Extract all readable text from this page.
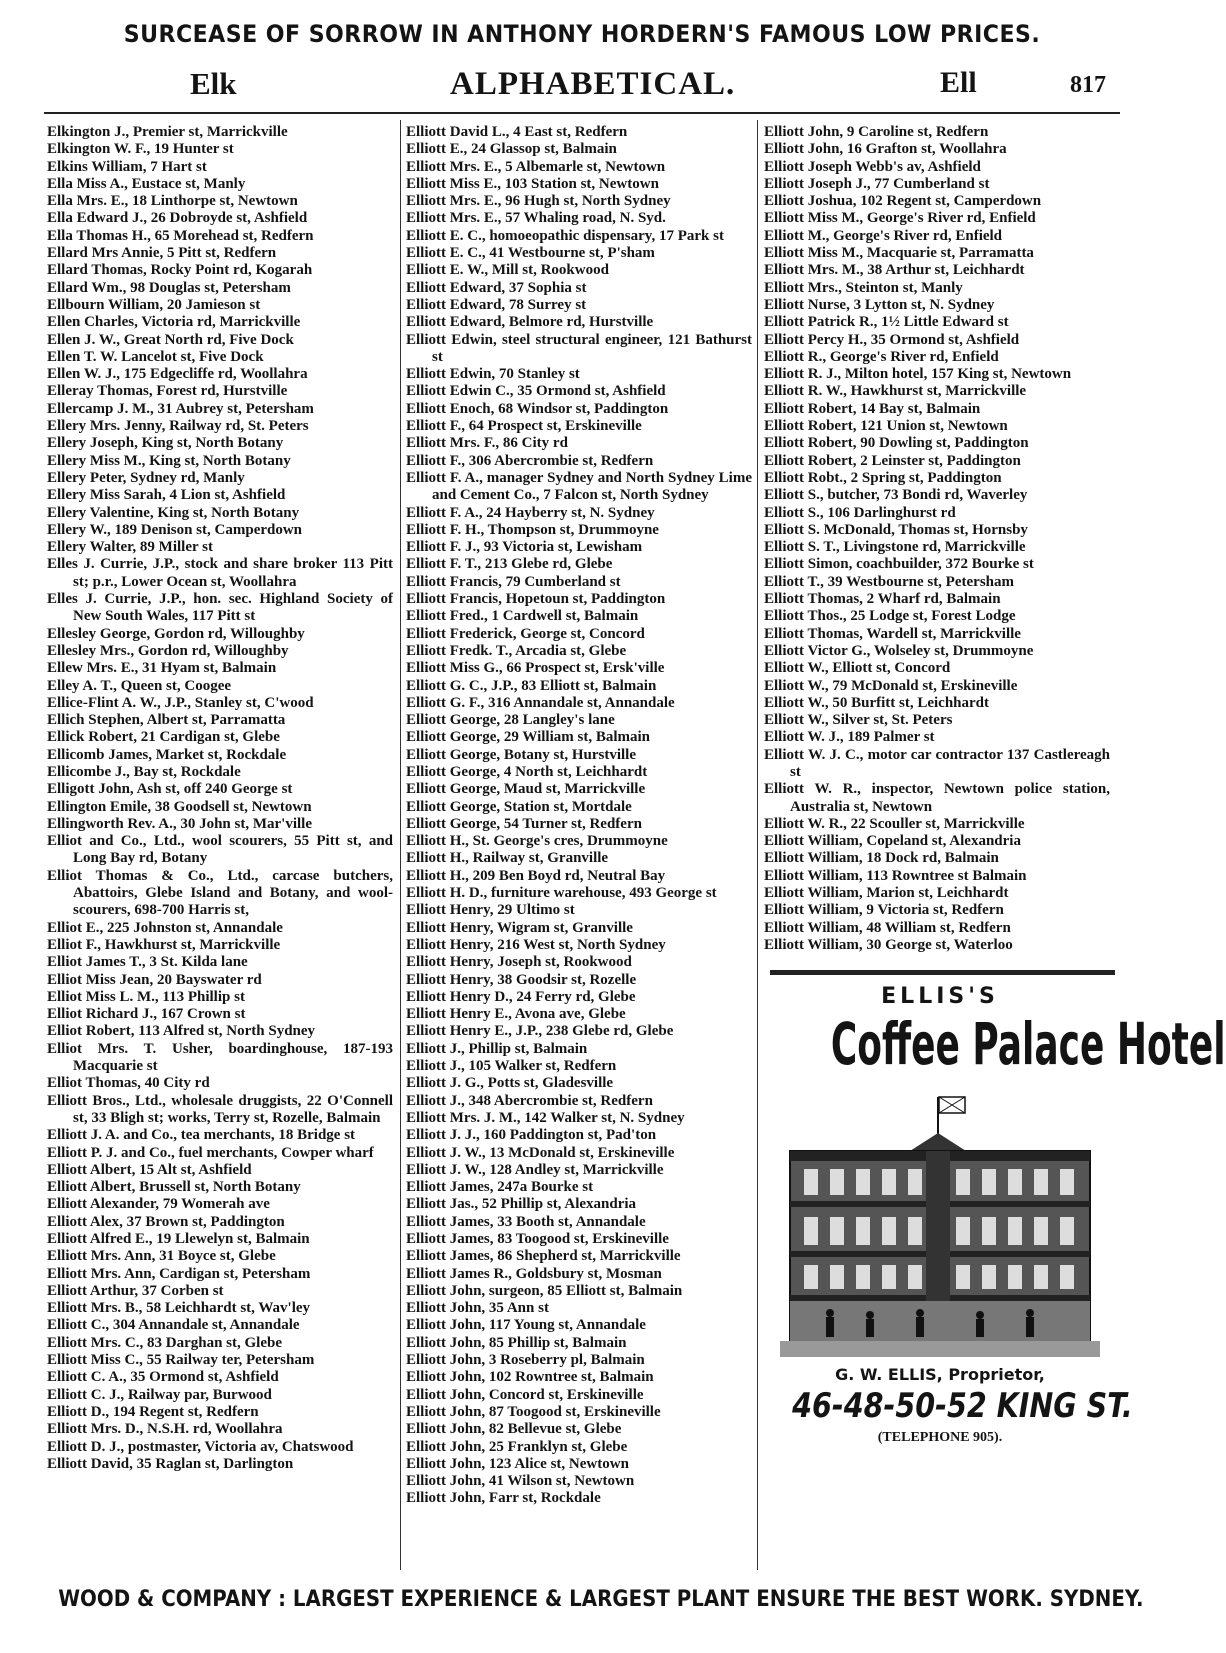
SURCEASE OF SORROW IN ANTHONY HORDERN'S FAMOUS LOW PRICES.
Elk	ALPHABETICAL.	Ell	817
Elkington J., Premier st, Marrickville
Elkington W. F., 19 Hunter st
Elkins William, 7 Hart st
Ella Miss A., Eustace st, Manly
Ella Mrs. E., 18 Linthorpe st, Newtown
Ella Edward J., 26 Dobroyde st, Ashfield
Ella Thomas H., 65 Morehead st, Redfern
Ellard Mrs Annie, 5 Pitt st, Redfern
Ellard Thomas, Rocky Point rd, Kogarah
Ellard Wm., 98 Douglas st, Petersham
Ellbourn William, 20 Jamieson st
Ellen Charles, Victoria rd, Marrickville
Ellen J. W., Great North rd, Five Dock
Ellen T. W. Lancelot st, Five Dock
Ellen W. J., 175 Edgecliffe rd, Woollahra
Elleray Thomas, Forest rd, Hurstville
Ellercamp J. M., 31 Aubrey st, Petersham
Ellery Mrs. Jenny, Railway rd, St. Peters
Ellery Joseph, King st, North Botany
Ellery Miss M., King st, North Botany
Ellery Peter, Sydney rd, Manly
Ellery Miss Sarah, 4 Lion st, Ashfield
Ellery Valentine, King st, North Botany
Ellery W., 189 Denison st, Camperdown
Ellery Walter, 89 Miller st
Elles J. Currie, J.P., stock and share broker 113 Pitt st; p.r., Lower Ocean st, Woollahra
Elles J. Currie, J.P., hon. sec. Highland Society of New South Wales, 117 Pitt st
Ellesley George, Gordon rd, Willoughby
Ellesley Mrs., Gordon rd, Willoughby
Ellew Mrs. E., 31 Hyam st, Balmain
Elley A. T., Queen st, Coogee
Ellice-Flint A. W., J.P., Stanley st, C'wood
Ellich Stephen, Albert st, Parramatta
Ellick Robert, 21 Cardigan st, Glebe
Ellicomb James, Market st, Rockdale
Ellicombe J., Bay st, Rockdale
Elligott John, Ash st, off 240 George st
Ellington Emile, 38 Goodsell st, Newtown
Ellingworth Rev. A., 30 John st, Mar'ville
Elliot and Co., Ltd., wool scourers, 55 Pitt st, and Long Bay rd, Botany
Elliot Thomas & Co., Ltd., carcase butchers, Abattoirs, Glebe Island and Botany, and wool-scourers, 698-700 Harris st,
Elliot E., 225 Johnston st, Annandale
Elliot F., Hawkhurst st, Marrickville
Elliot James T., 3 St. Kilda lane
Elliot Miss Jean, 20 Bayswater rd
Elliot Miss L. M., 113 Phillip st
Elliot Richard J., 167 Crown st
Elliot Robert, 113 Alfred st, North Sydney
Elliot Mrs. T. Usher, boardinghouse, 187-193 Macquarie st
Elliot Thomas, 40 City rd
Elliott Bros., Ltd., wholesale druggists, 22 O'Connell st, 33 Bligh st; works, Terry st, Rozelle, Balmain
Elliott J. A. and Co., tea merchants, 18 Bridge st
Elliott P. J. and Co., fuel merchants, Cowper wharf
Elliott Albert, 15 Alt st, Ashfield
Elliott Albert, Brussell st, North Botany
Elliott Alexander, 79 Womerah ave
Elliott Alex, 37 Brown st, Paddington
Elliott Alfred E., 19 Llewelyn st, Balmain
Elliott Mrs. Ann, 31 Boyce st, Glebe
Elliott Mrs. Ann, Cardigan st, Petersham
Elliott Arthur, 37 Corben st
Elliott Mrs. B., 58 Leichhardt st, Wav'ley
Elliott C., 304 Annandale st, Annandale
Elliott Mrs. C., 83 Darghan st, Glebe
Elliott Miss C., 55 Railway ter, Petersham
Elliott C. A., 35 Ormond st, Ashfield
Elliott C. J., Railway par, Burwood
Elliott D., 194 Regent st, Redfern
Elliott Mrs. D., N.S.H. rd, Woollahra
Elliott D. J., postmaster, Victoria av, Chatswood
Elliott David, 35 Raglan st, Darlington
Elliott David L., 4 East st, Redfern
Elliott E., 24 Glassop st, Balmain
Elliott Mrs. E., 5 Albemarle st, Newtown
Elliott Miss E., 103 Station st, Newtown
Elliott Mrs. E., 96 Hugh st, North Sydney
Elliott Mrs. E., 57 Whaling road, N. Syd.
Elliott E. C., homoeopathic dispensary, 17 Park st
Elliott E. C., 41 Westbourne st, P'sham
Elliott E. W., Mill st, Rookwood
Elliott Edward, 37 Sophia st
Elliott Edward, 78 Surrey st
Elliott Edward, Belmore rd, Hurstville
Elliott Edwin, steel structural engineer, 121 Bathurst st
Elliott Edwin, 70 Stanley st
Elliott Edwin C., 35 Ormond st, Ashfield
Elliott Enoch, 68 Windsor st, Paddington
Elliott F., 64 Prospect st, Erskineville
Elliott Mrs. F., 86 City rd
Elliott F., 306 Abercrombie st, Redfern
Elliott F. A., manager Sydney and North Sydney Lime and Cement Co., 7 Falcon st, North Sydney
Elliott F. A., 24 Hayberry st, N. Sydney
Elliott F. H., Thompson st, Drummoyne
Elliott F. J., 93 Victoria st, Lewisham
Elliott F. T., 213 Glebe rd, Glebe
Elliott Francis, 79 Cumberland st
Elliott Francis, Hopetoun st, Paddington
Elliott Fred., 1 Cardwell st, Balmain
Elliott Frederick, George st, Concord
Elliott Fredk. T., Arcadia st, Glebe
Elliott Miss G., 66 Prospect st, Ersk'ville
Elliott G. C., J.P., 83 Elliott st, Balmain
Elliott G. F., 316 Annandale st, Annandale
Elliott George, 28 Langley's lane
Elliott George, 29 William st, Balmain
Elliott George, Botany st, Hurstville
Elliott George, 4 North st, Leichhardt
Elliott George, Maud st, Marrickville
Elliott George, Station st, Mortdale
Elliott George, 54 Turner st, Redfern
Elliott H., St. George's cres, Drummoyne
Elliott H., Railway st, Granville
Elliott H., 209 Ben Boyd rd, Neutral Bay
Elliott H. D., furniture warehouse, 493 George st
Elliott Henry, 29 Ultimo st
Elliott Henry, Wigram st, Granville
Elliott Henry, 216 West st, North Sydney
Elliott Henry, Joseph st, Rookwood
Elliott Henry, 38 Goodsir st, Rozelle
Elliott Henry D., 24 Ferry rd, Glebe
Elliott Henry E., Avona ave, Glebe
Elliott Henry E., J.P., 238 Glebe rd, Glebe
Elliott J., Phillip st, Balmain
Elliott J., 105 Walker st, Redfern
Elliott J. G., Potts st, Gladesville
Elliott J., 348 Abercrombie st, Redfern
Elliott Mrs. J. M., 142 Walker st, N. Sydney
Elliott J. J., 160 Paddington st, Pad'ton
Elliott J. W., 13 McDonald st, Erskineville
Elliott J. W., 128 Andley st, Marrickville
Elliott James, 247a Bourke st
Elliott Jas., 52 Phillip st, Alexandria
Elliott James, 33 Booth st, Annandale
Elliott James, 83 Toogood st, Erskineville
Elliott James, 86 Shepherd st, Marrickville
Elliott James R., Goldsbury st, Mosman
Elliott John, surgeon, 85 Elliott st, Balmain
Elliott John, 35 Ann st
Elliott John, 117 Young st, Annandale
Elliott John, 85 Phillip st, Balmain
Elliott John, 3 Roseberry pl, Balmain
Elliott John, 102 Rowntree st, Balmain
Elliott John, Concord st, Erskineville
Elliott John, 87 Toogood st, Erskineville
Elliott John, 82 Bellevue st, Glebe
Elliott John, 25 Franklyn st, Glebe
Elliott John, 123 Alice st, Newtown
Elliott John, 41 Wilson st, Newtown
Elliott John, Farr st, Rockdale
Elliott John, 9 Caroline st, Redfern
Elliott John, 16 Grafton st, Woollahra
Elliott Joseph Webb's av, Ashfield
Elliott Joseph J., 77 Cumberland st
Elliott Joshua, 102 Regent st, Camperdown
Elliott Miss M., George's River rd, Enfield
Elliott M., George's River rd, Enfield
Elliott Miss M., Macquarie st, Parramatta
Elliott Mrs. M., 38 Arthur st, Leichhardt
Elliott Mrs., Steinton st, Manly
Elliott Nurse, 3 Lytton st, N. Sydney
Elliott Patrick R., 1½ Little Edward st
Elliott Percy H., 35 Ormond st, Ashfield
Elliott R., George's River rd, Enfield
Elliott R. J., Milton hotel, 157 King st, Newtown
Elliott R. W., Hawkhurst st, Marrickville
Elliott Robert, 14 Bay st, Balmain
Elliott Robert, 121 Union st, Newtown
Elliott Robert, 90 Dowling st, Paddington
Elliott Robert, 2 Leinster st, Paddington
Elliott Robt., 2 Spring st, Paddington
Elliott S., butcher, 73 Bondi rd, Waverley
Elliott S., 106 Darlinghurst rd
Elliott S. McDonald, Thomas st, Hornsby
Elliott S. T., Livingstone rd, Marrickville
Elliott Simon, coachbuilder, 372 Bourke st
Elliott T., 39 Westbourne st, Petersham
Elliott Thomas, 2 Wharf rd, Balmain
Elliott Thos., 25 Lodge st, Forest Lodge
Elliott Thomas, Wardell st, Marrickville
Elliott Victor G., Wolseley st, Drummoyne
Elliott W., Elliott st, Concord
Elliott W., 79 McDonald st, Erskineville
Elliott W., 50 Burfitt st, Leichhardt
Elliott W., Silver st, St. Peters
Elliott W. J., 189 Palmer st
Elliott W. J. C., motor car contractor 137 Castlereagh st
Elliott W. R., inspector, Newtown police station, Australia st, Newtown
Elliott W. R., 22 Scouller st, Marrickville
Elliott William, Copeland st, Alexandria
Elliott William, 18 Dock rd, Balmain
Elliott William, 113 Rowntree st Balmain
Elliott William, Marion st, Leichhardt
Elliott William, 9 Victoria st, Redfern
Elliott William, 48 William st, Redfern
Elliott William, 30 George st, Waterloo
ELLIS'S
Coffee Palace Hotel
G. W. ELLIS, Proprietor,
46-48-50-52 KING ST.
(TELEPHONE 905).
WOOD & COMPANY : LARGEST EXPERIENCE & LARGEST PLANT ENSURE THE BEST WORK. SYDNEY.
